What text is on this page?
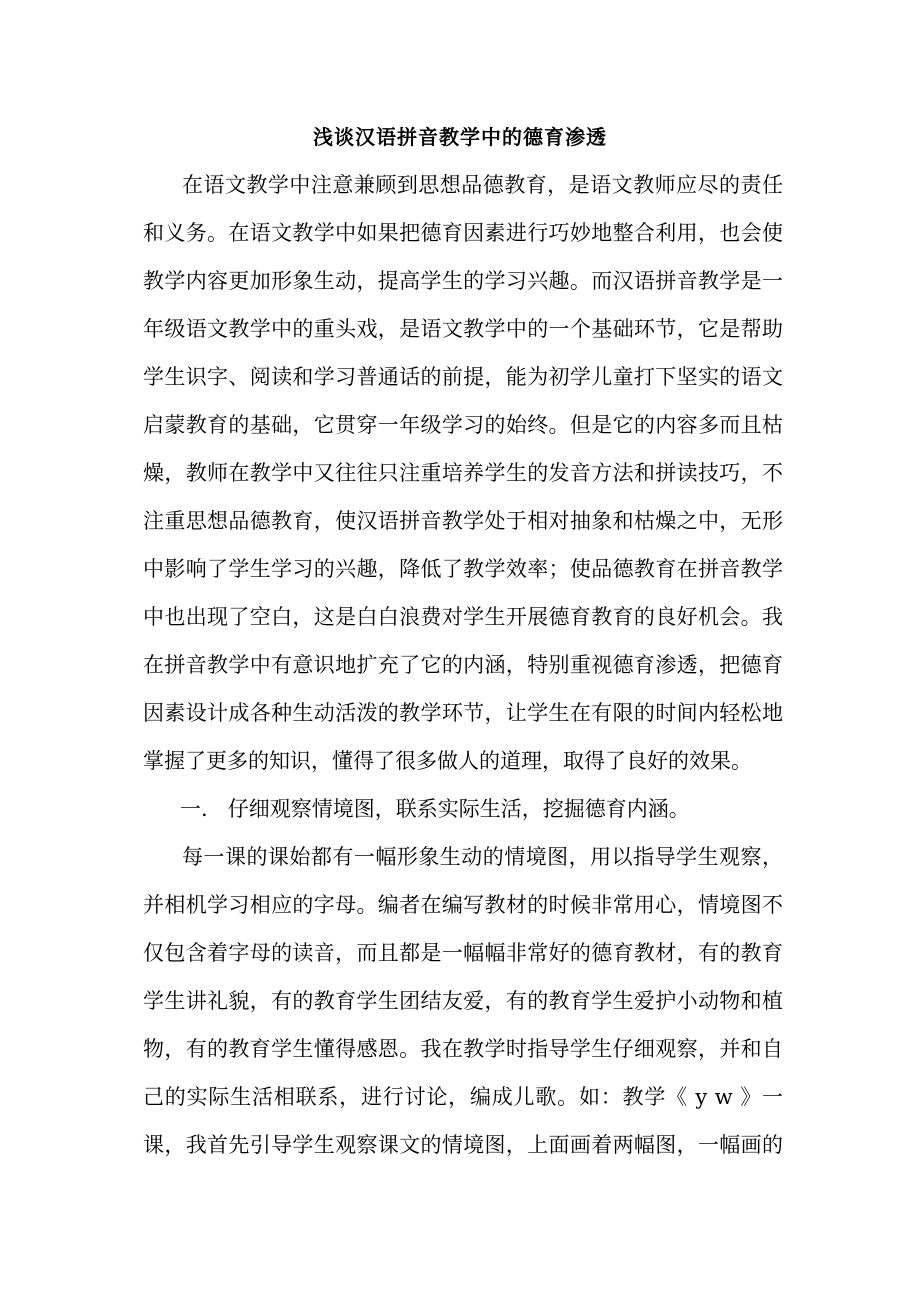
浅谈汉语拼音教学中的德育渗透
在语文教学中注意兼顾到思想品德教育，是语文教师应尽的责任
和义务。在语文教学中如果把德育因素进行巧妙地整合利用，也会使
教学内容更加形象生动，提高学生的学习兴趣。而汉语拼音教学是一
年级语文教学中的重头戏，是语文教学中的一个基础环节，它是帮助
学生识字、阅读和学习普通话的前提，能为初学儿童打下坚实的语文
启蒙教育的基础，它贯穿一年级学习的始终。但是它的内容多而且枯
燥，教师在教学中又往往只注重培养学生的发音方法和拼读技巧，不
注重思想品德教育，使汉语拼音教学处于相对抽象和枯燥之中，无形
中影响了学生学习的兴趣，降低了教学效率；使品德教育在拼音教学
中也出现了空白，这是白白浪费对学生开展德育教育的良好机会。我
在拼音教学中有意识地扩充了它的内涵，特别重视德育渗透，把德育
因素设计成各种生动活泼的教学环节，让学生在有限的时间内轻松地
掌握了更多的知识，懂得了很多做人的道理，取得了良好的效果。
一.   仔细观察情境图，联系实际生活，挖掘德育内涵。
每一课的课始都有一幅形象生动的情境图，用以指导学生观察，
并相机学习相应的字母。编者在编写教材的时候非常用心，情境图不
仅包含着字母的读音，而且都是一幅幅非常好的德育教材，有的教育
学生讲礼貌，有的教育学生团结友爱，有的教育学生爱护小动物和植
物，有的教育学生懂得感恩。我在教学时指导学生仔细观察，并和自
己的实际生活相联系，进行讨论，编成儿歌。如：教学《 y w 》一
课，我首先引导学生观察课文的情境图，上面画着两幅图，一幅画的
